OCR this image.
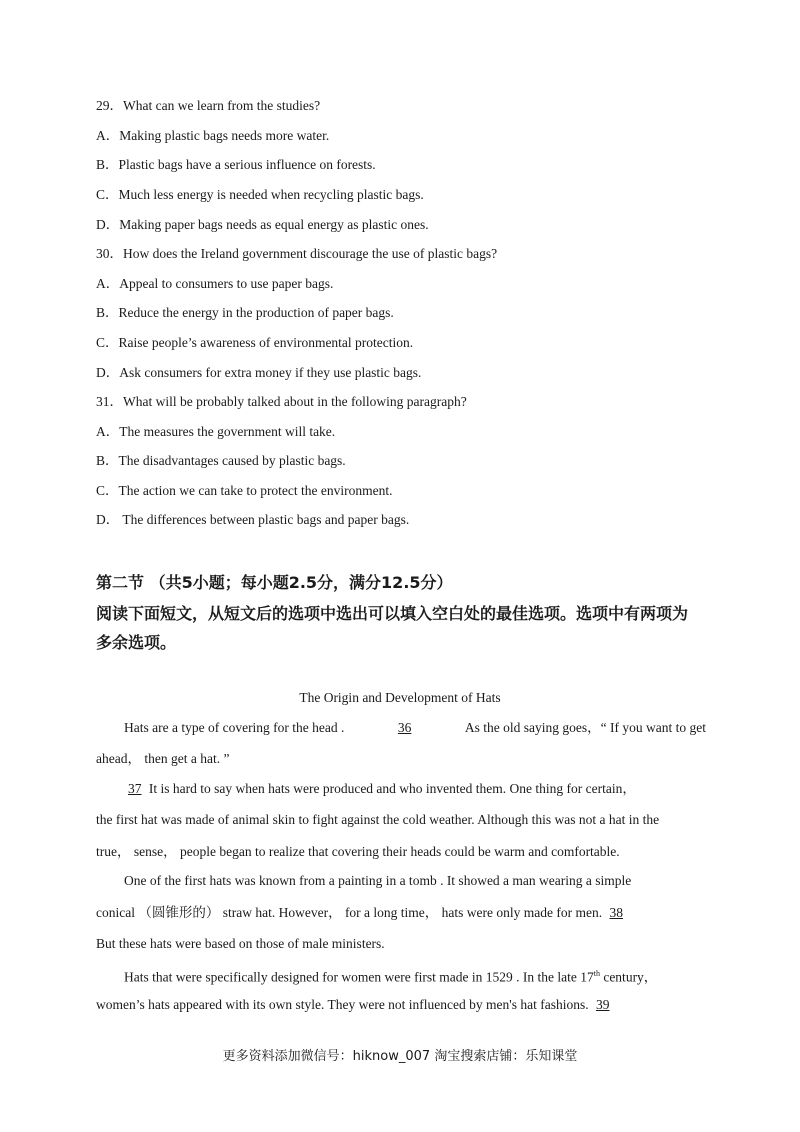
29．What can we learn from the studies?
A．Making plastic bags needs more water.
B．Plastic bags have a serious influence on forests.
C．Much less energy is needed when recycling plastic bags.
D．Making paper bags needs as equal energy as plastic ones.
30．How does the Ireland government discourage the use of plastic bags?
A．Appeal to consumers to use paper bags.
B．Reduce the energy in the production of paper bags.
C．Raise people’s awareness of environmental protection.
D．Ask consumers for extra money if they use plastic bags.
31．What will be probably talked about in the following paragraph?
A．The measures the government will take.
B．The disadvantages caused by plastic bags.
C．The action we can take to protect the environment.
D． The differences between plastic bags and paper bags.
第二节 （共5小题；每小题2.5分，满分12.5分）
阅读下面短文，从短文后的选项中选出可以填入空白处的最佳选项。选项中有两项为
多余选项。
The Origin and Development of Hats
Hats are a type of covering for the head .	36	As the old saying goes，“ If you want to get
ahead， then get a hat. ”
37 It is hard to say when hats were produced and who invented them. One thing for certain，
the first hat was made of animal skin to fight against the cold weather. Although this was not a hat in the
true， sense， people began to realize that covering their heads could be warm and comfortable.
One of the first hats was known from a painting in a tomb . It showed a man wearing a simple
conical （圆锥形的） straw hat. However， for a long time， hats were only made for men. 38
But these hats were based on those of male ministers.
Hats that were specifically designed for women were first made in 1529 . In the late 17th century，
women’s hats appeared with its own style. They were not influenced by men's hat fashions. 39
更多资料添加微信号：hiknow_007 淘宝搜索店铺：乐知课堂
